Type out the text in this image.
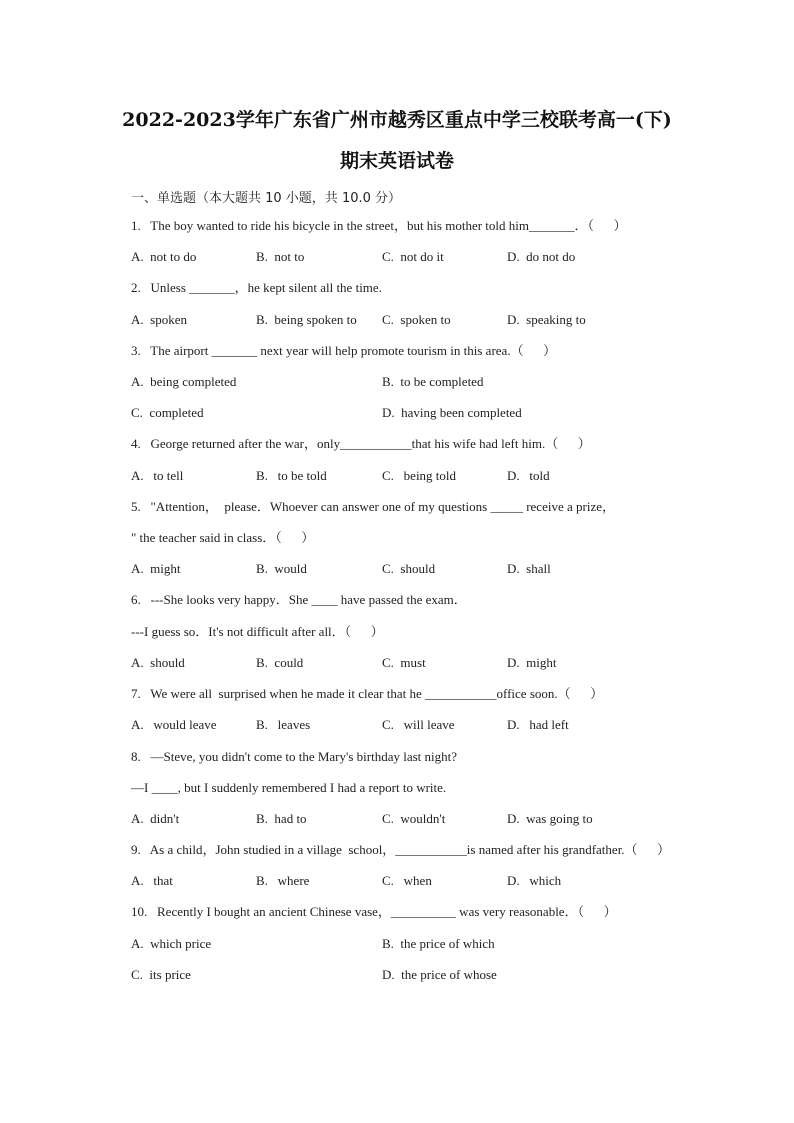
2022-2023学年广东省广州市越秀区重点中学三校联考高一(下)
期末英语试卷
一、单选题（本大题共 10 小题，共 10.0 分）
1.   The boy wanted to ride his bicycle in the street，but his mother told him_______．（      ）
A.  not to do	B.  not to	C.  not do it	D.  do not do
2.   Unless _______，he kept silent all the time.
A.  spoken	B.  being spoken to C.  spoken to	D.  speaking to
3.   The airport _______ next year will help promote tourism in this area.（      ）
A.  being completed	B.  to be completed
C.  completed	D.  having been completed
4.   George returned after the war，only___________that his wife had left him.（      ）
A.   to tell	B.   to be told	C.   being told	D.   told
5.   "Attention，  please．Whoever can answer one of my questions _____ receive a prize，
" the teacher said in class．（      ）
A.  might	B.  would	C.  should	D.  shall
6.   ---She looks very happy．She ____ have passed the exam．
---I guess so．It's not difficult after all．（      ）
A.  should	B.  could	C.  must	D.  might
7.   We were all  surprised when he made it clear that he ___________office soon.（      ）
A.   would leave	B.   leaves	C.   will leave	D.   had left
8.   —Steve, you didn't come to the Mary's birthday last night?
—I ____, but I suddenly remembered I had a report to write.
A.  didn't	B.  had to	C.  wouldn't	D.  was going to
9.   As a child，John studied in a village  school，___________is named after his grandfather.（      ）
A.   that	B.   where	C.   when	D.   which
10.   Recently I bought an ancient Chinese vase，__________ was very reasonable．（      ）
A.  which price	B.  the price of which
C.  its price	D.  the price of whose
